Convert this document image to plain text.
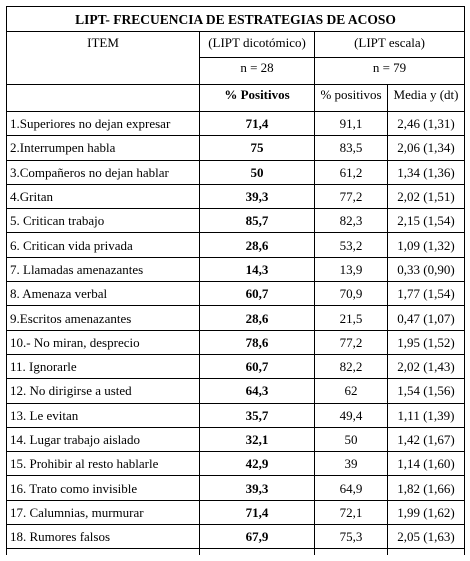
LIPT- FRECUENCIA DE ESTRATEGIAS DE ACOSO			
ITEM	(LIPT dicotómico)	(LIPT escala)	
	n = 28	n = 79	
	% Positivos	% positivos	Media y (dt)
1.Superiores no dejan expresar	71,4	91,1	2,46 (1,31)
2.Interrumpen habla	75	83,5	2,06 (1,34)
3.Compañeros no dejan hablar	50	61,2	1,34 (1,36)
4.Gritan	39,3	77,2	2,02 (1,51)
5. Critican trabajo	85,7	82,3	2,15 (1,54)
6. Critican vida privada	28,6	53,2	1,09 (1,32)
7. Llamadas amenazantes	14,3	13,9	0,33 (0,90)
8. Amenaza verbal	60,7	70,9	1,77 (1,54)
9.Escritos amenazantes	28,6	21,5	0,47 (1,07)
10.- No miran, desprecio	78,6	77,2	1,95 (1,52)
11. Ignorarle	60,7	82,2	2,02 (1,43)
12. No dirigirse a usted	64,3	62	1,54 (1,56)
13. Le evitan	35,7	49,4	1,11 (1,39)
14. Lugar trabajo aislado	32,1	50	1,42 (1,67)
15. Prohibir al resto hablarle	42,9	39	1,14 (1,60)
16. Trato como invisible	39,3	64,9	1,82 (1,66)
17. Calumnias, murmurar	71,4	72,1	1,99 (1,62)
18. Rumores falsos	67,9	75,3	2,05 (1,63)
